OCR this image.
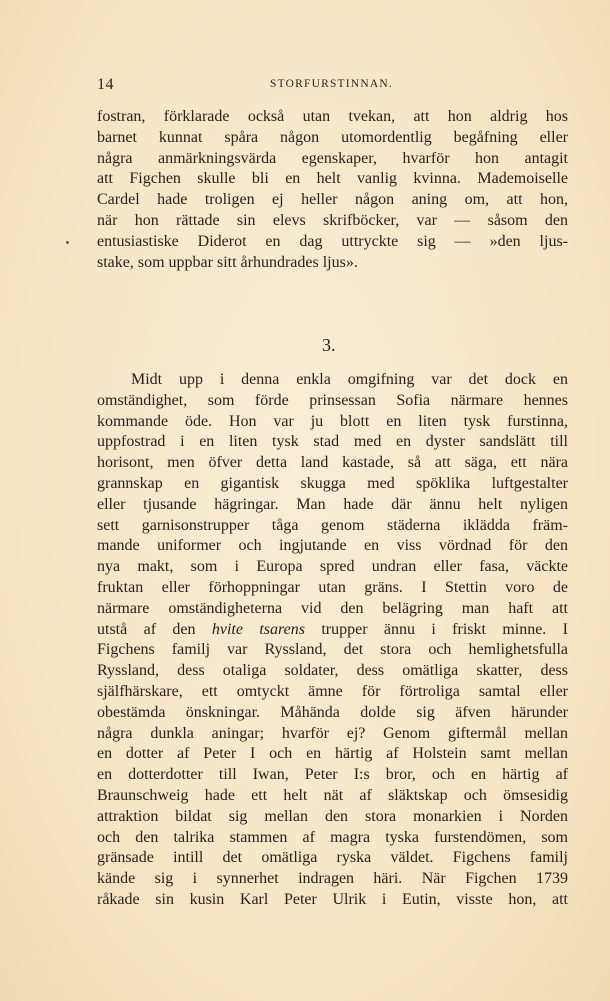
14	STORFURSTINNAN.
fostran, förklarade också utan tvekan, att hon aldrig hos
barnet kunnat spåra någon utomordentlig begåfning eller
några anmärkningsvärda egenskaper, hvarför hon antagit
att Figchen skulle bli en helt vanlig kvinna. Mademoiselle
Cardel hade troligen ej heller någon aning om, att hon,
när hon rättade sin elevs skrifböcker, var — såsom den
entusiastiske Diderot en dag uttryckte sig — »den ljus-
stake, som uppbar sitt århundrades ljus».
3.
Midt upp i denna enkla omgifning var det dock en
omständighet, som förde prinsessan Sofia närmare hennes
kommande öde. Hon var ju blott en liten tysk furstinna,
uppfostrad i en liten tysk stad med en dyster sandslätt till
horisont, men öfver detta land kastade, så att säga, ett nära
grannskap en gigantisk skugga med spöklika luftgestalter
eller tjusande hägringar. Man hade där ännu helt nyligen
sett garnisonstrupper tåga genom städerna iklädda främ-
mande uniformer och ingjutande en viss vördnad för den
nya makt, som i Europa spred undran eller fasa, väckte
fruktan eller förhoppningar utan gräns. I Stettin voro de
närmare omständigheterna vid den belägring man haft att
utstå af den hvite tsarens trupper ännu i friskt minne. I
Figchens familj var Ryssland, det stora och hemlighetsfulla
Ryssland, dess otaliga soldater, dess omätliga skatter, dess
själfhärskare, ett omtyckt ämne för förtroliga samtal eller
obestämda önskningar. Måhända dolde sig äfven härunder
några dunkla aningar; hvarför ej? Genom giftermål mellan
en dotter af Peter I och en härtig af Holstein samt mellan
en dotterdotter till Iwan, Peter I:s bror, och en härtig af
Braunschweig hade ett helt nät af släktskap och ömsesidig
attraktion bildat sig mellan den stora monarkien i Norden
och den talrika stammen af magra tyska furstendömen, som
gränsade intill det omätliga ryska väldet. Figchens familj
kände sig i synnerhet indragen häri. När Figchen 1739
råkade sin kusin Karl Peter Ulrik i Eutin, visste hon, att
